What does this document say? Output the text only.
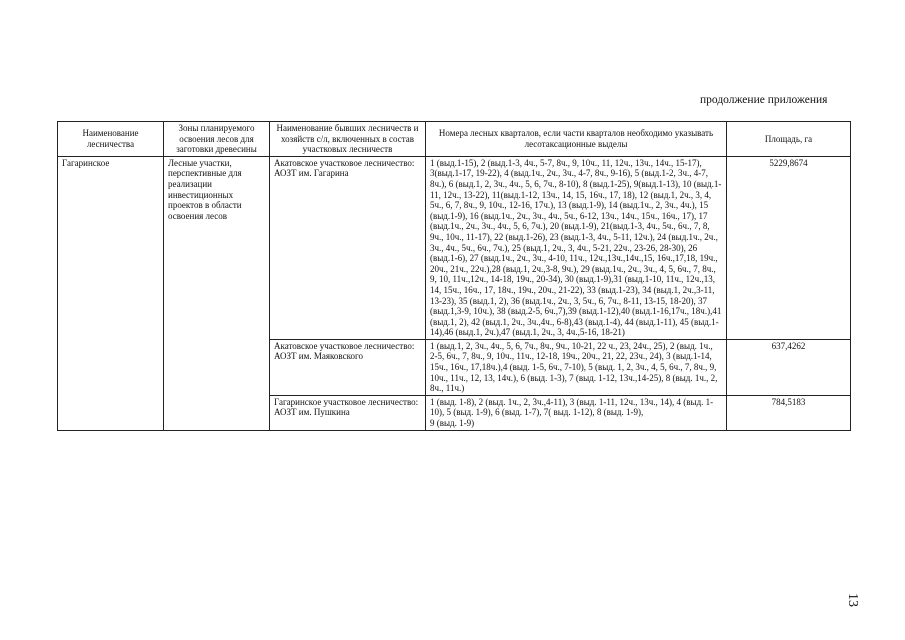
продолжение приложения
Наименование лесничества	Зоны планируемого освоения лесов для заготовки древесины	Наименование бывших лесничеств и хозяйств с/л, включенных в состав участковых лесничеств	Номера лесных кварталов, если части кварталов необходимо указывать лесотаксационные выделы	Площадь, га
Гагаринское	Лесные участки, перспективные для реализации инвестиционных проектов в области освоения лесов	Акатовское участковое лесничество: АОЗТ им. Гагарина	1 (выд.1-15), 2 (выд.1-3, 4ч., 5-7, 8ч., 9, 10ч., 11, 12ч., 13ч., 14ч., 15-17), 3(выд.1-17, 19-22), 4 (выд.1ч., 2ч., 3ч., 4-7, 8ч., 9-16), 5 (выд.1-2, 3ч., 4-7, 8ч.), 6 (выд.1, 2, 3ч., 4ч., 5, 6, 7ч., 8-10), 8 (выд.1-25), 9(выд.1-13), 10 (выд.1-11, 12ч., 13-22), 11(выд.1-12, 13ч., 14, 15, 16ч., 17, 18), 12 (выд.1, 2ч., 3, 4, 5ч., 6, 7, 8ч., 9, 10ч., 12-16, 17ч.), 13 (выд.1-9), 14 (выд.1ч., 2, 3ч., 4ч.), 15 (выд.1-9), 16 (выд.1ч., 2ч., 3ч., 4ч., 5ч., 6-12, 13ч., 14ч., 15ч., 16ч., 17), 17 (выд.1ч., 2ч., 3ч., 4ч., 5, 6, 7ч.), 20 (выд.1-9), 21(выд.1-3, 4ч., 5ч., 6ч., 7, 8, 9ч., 10ч., 11-17), 22 (выд.1-26), 23 (выд.1-3, 4ч., 5-11, 12ч.), 24 (выд.1ч., 2ч., 3ч., 4ч., 5ч., 6ч., 7ч.), 25 (выд.1, 2ч., 3, 4ч., 5-21, 22ч., 23-26, 28-30), 26 (выд.1-6), 27 (выд.1ч., 2ч., 3ч., 4-10, 11ч., 12ч.,13ч.,14ч.,15, 16ч.,17,18, 19ч., 20ч., 21ч., 22ч.),28 (выд.1, 2ч.,3-8, 9ч.), 29 (выд.1ч., 2ч., 3ч., 4, 5, 6ч., 7, 8ч., 9, 10, 11ч.,12ч., 14-18, 19ч., 20-34), 30 (выд.1-9),31 (выд.1-10, 11ч., 12ч.,13, 14, 15ч., 16ч., 17, 18ч., 19ч., 20ч., 21-22), 33 (выд.1-23), 34 (выд.1, 2ч.,3-11, 13-23), 35 (выд.1, 2), 36 (выд.1ч., 2ч., 3, 5ч., 6, 7ч., 8-11, 13-15, 18-20), 37 (выд.1,3-9, 10ч.), 38 (выд.2-5, 6ч.,7),39 (выд.1-12),40 (выд.1-16,17ч., 18ч.),41 (выд.1, 2), 42 (выд.1, 2ч., 3ч.,4ч., 6-8),43 (выд.1-4), 44 (выд.1-11), 45 (выд.1-14),46 (выд.1, 2ч.),47 (выд.1, 2ч., 3, 4ч.,5-16, 18-21)	5229,8674
		Акатовское участковое лесничество: АОЗТ им. Маяковского	1 (выд.1, 2, 3ч., 4ч., 5, 6, 7ч., 8ч., 9ч., 10-21, 22 ч., 23, 24ч., 25), 2 (выд. 1ч., 2-5, 6ч., 7, 8ч., 9, 10ч., 11ч., 12-18, 19ч., 20ч., 21, 22, 23ч., 24), 3 (выд.1-14, 15ч., 16ч., 17,18ч.),4 (выд. 1-5, 6ч., 7-10), 5 (выд. 1, 2, 3ч., 4, 5, 6ч., 7, 8ч., 9, 10ч., 11ч., 12, 13, 14ч.), 6 (выд. 1-3), 7 (выд. 1-12, 13ч.,14-25), 8 (выд. 1ч., 2, 8ч., 11ч.)	637,4262
		Гагаринское участковое лесничество: АОЗТ им. Пушкина	1 (выд. 1-8), 2 (выд. 1ч., 2, 3ч.,4-11), 3 (выд. 1-11, 12ч., 13ч., 14), 4 (выд. 1-10), 5 (выд. 1-9), 6 (выд. 1-7), 7( выд. 1-12), 8 (выд. 1-9),
9 (выд. 1-9)	784,5183
13
